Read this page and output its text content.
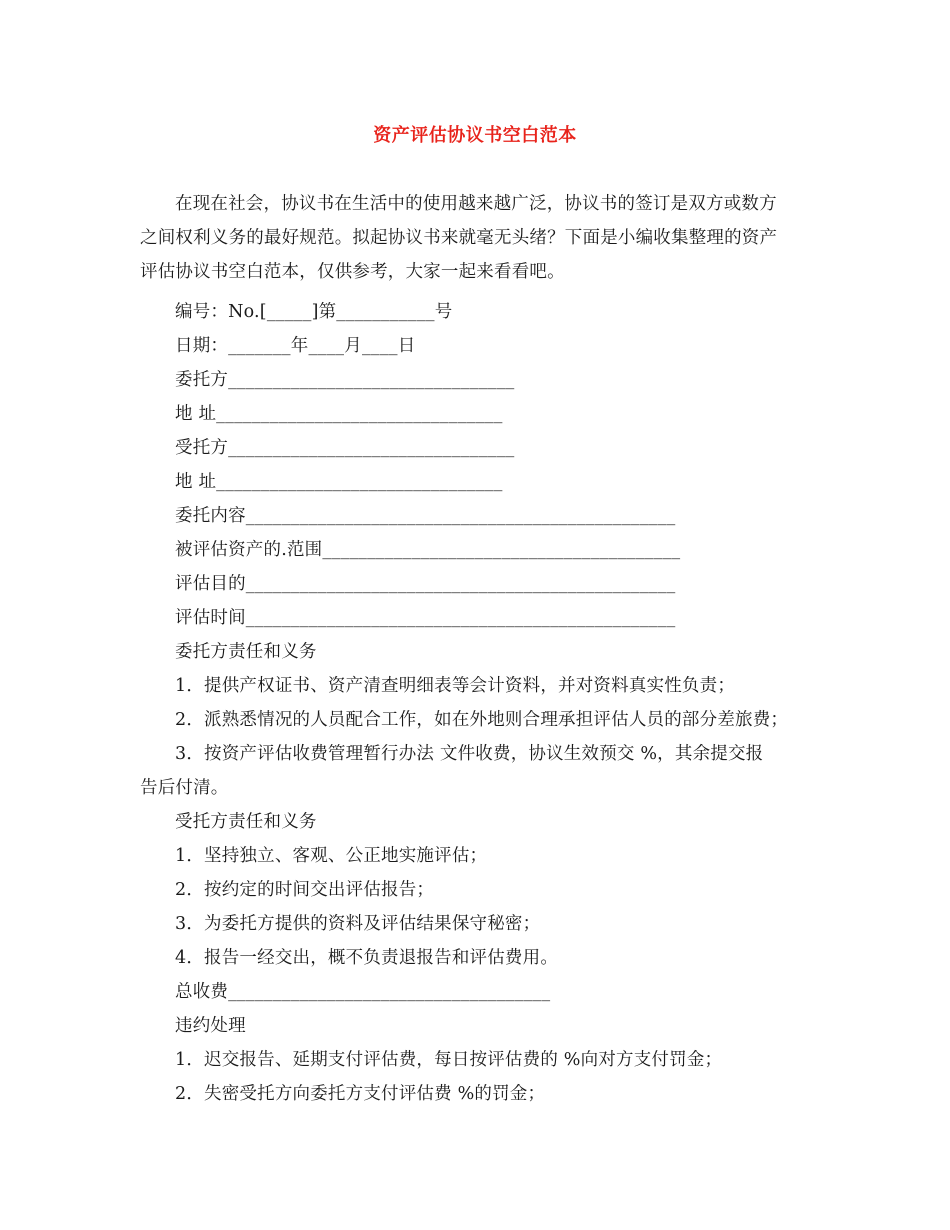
资产评估协议书空白范本
在现在社会，协议书在生活中的使用越来越广泛，协议书的签订是双方或数方
之间权利义务的最好规范。拟起协议书来就毫无头绪？下面是小编收集整理的资产
评估协议书空白范本，仅供参考，大家一起来看看吧。
编号：No.[_____]第___________号
日期：_______年____月____日
委托方________________________________
地 址________________________________
受托方________________________________
地 址________________________________
委托内容________________________________________________
被评估资产的.范围________________________________________
评估目的________________________________________________
评估时间________________________________________________
委托方责任和义务
1．提供产权证书、资产清查明细表等会计资料，并对资料真实性负责；
2．派熟悉情况的人员配合工作，如在外地则合理承担评估人员的部分差旅费；
3．按资产评估收费管理暂行办法 文件收费，协议生效预交 %，其余提交报
告后付清。
受托方责任和义务
1．坚持独立、客观、公正地实施评估；
2．按约定的时间交出评估报告；
3．为委托方提供的资料及评估结果保守秘密；
4．报告一经交出，概不负责退报告和评估费用。
总收费____________________________________
违约处理
1．迟交报告、延期支付评估费，每日按评估费的 %向对方支付罚金；
2．失密受托方向委托方支付评估费 %的罚金；
